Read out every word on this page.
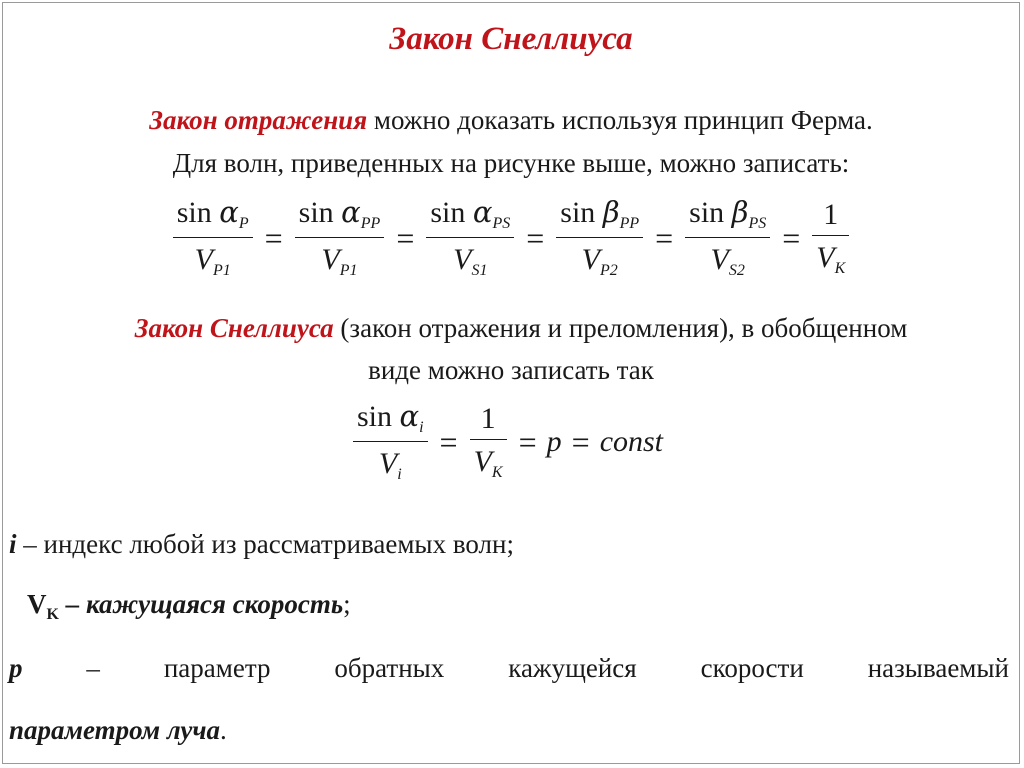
Закон Снеллиуса
Закон отражения можно доказать используя принцип Ферма.
Для волн, приведенных на рисунке выше, можно записать:
$\frac{\sin \alpha_P}{V_{P1}} = \frac{\sin \alpha_{PP}}{V_{P1}} = \frac{\sin \alpha_{PS}}{V_{S1}} = \frac{\sin \beta_{PP}}{V_{P2}} = \frac{\sin \beta_{PS}}{V_{S2}} = \frac{1}{V_K}$
Закон Снеллиуса (закон отражения и преломления), в обобщенном
виде можно записать так
$\frac{\sin \alpha_i}{V_i} = \frac{1}{V_K} = p$ = const
i – индекс любой из рассматриваемых волн;
$V_K$ – кажущаяся скорость;
p – параметр обратных кажущейся скорости называемый
параметром луча.
